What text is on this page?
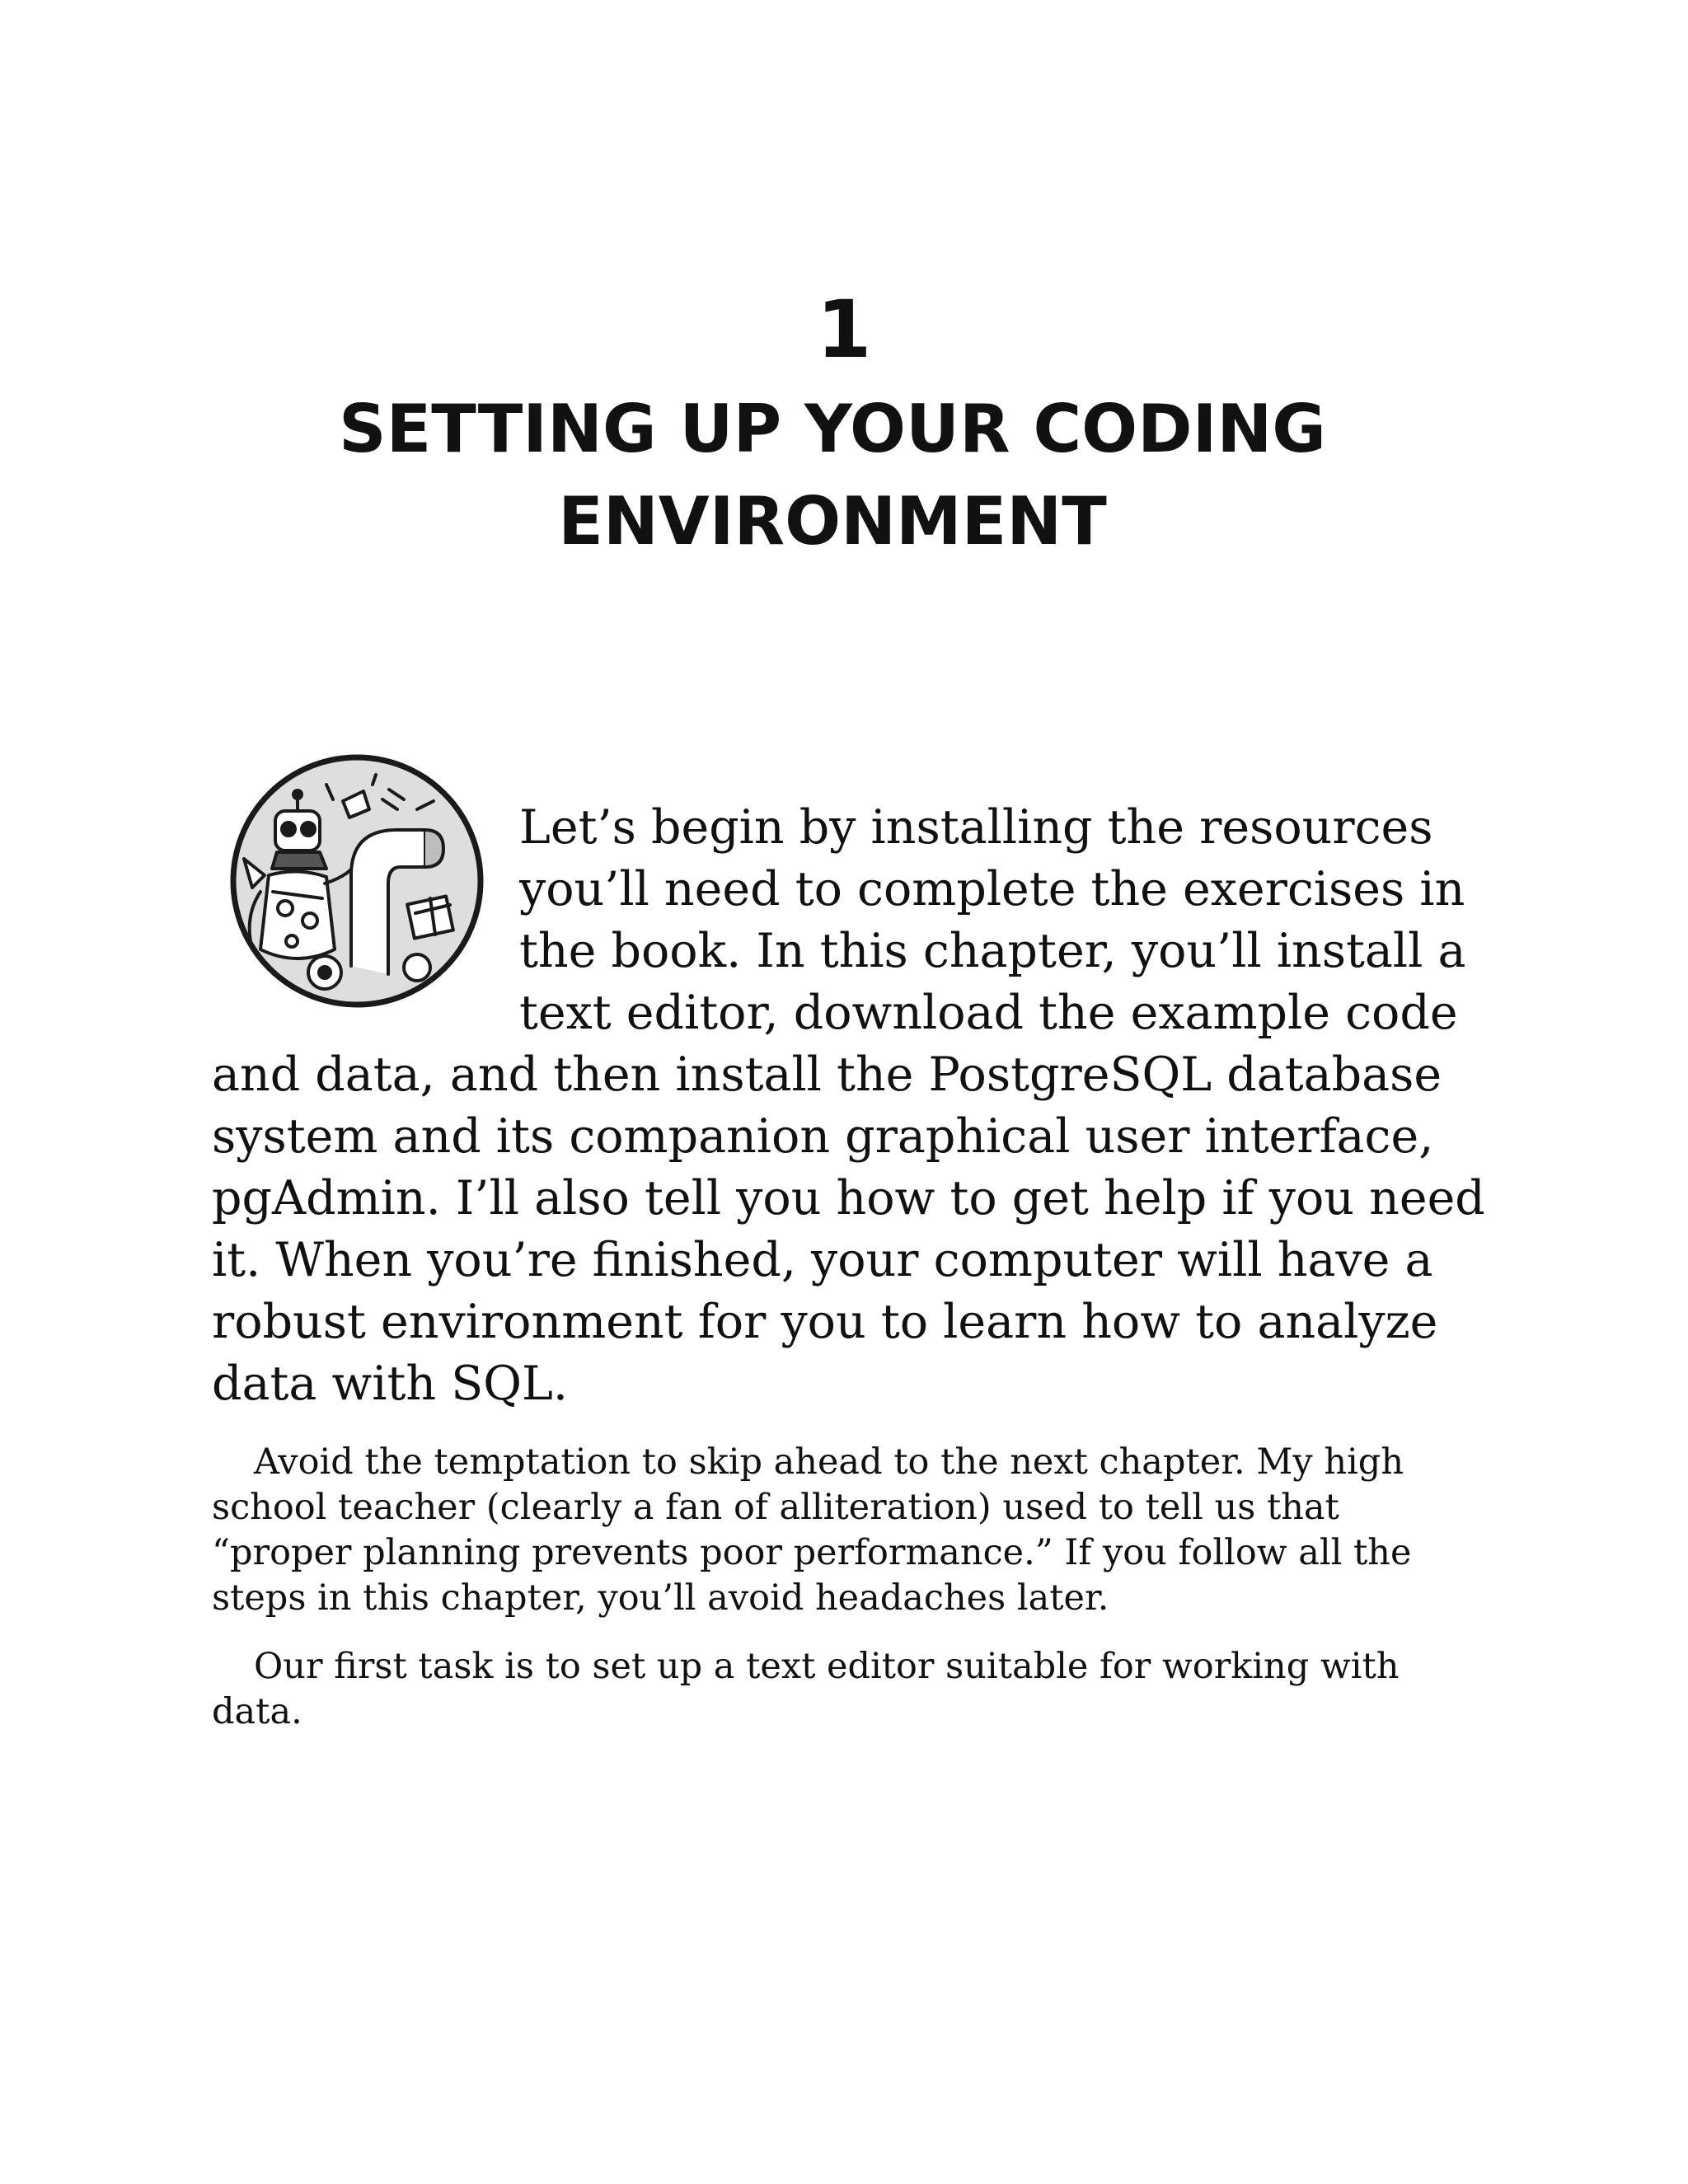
1
SETTING UP YOUR CODING
ENVIRONMENT
Let’s begin by installing the resources
you’ll need to complete the exercises in
the book. In this chapter, you’ll install a
text editor, download the example code
and data, and then install the PostgreSQL database
system and its companion graphical user interface,
pgAdmin. I’ll also tell you how to get help if you need
it. When you’re finished, your computer will have a
robust environment for you to learn how to analyze
data with SQL.
Avoid the temptation to skip ahead to the next chapter. My high
school teacher (clearly a fan of alliteration) used to tell us that
“proper planning prevents poor performance.” If you follow all the
steps in this chapter, you’ll avoid headaches later.
Our first task is to set up a text editor suitable for working with
data.
